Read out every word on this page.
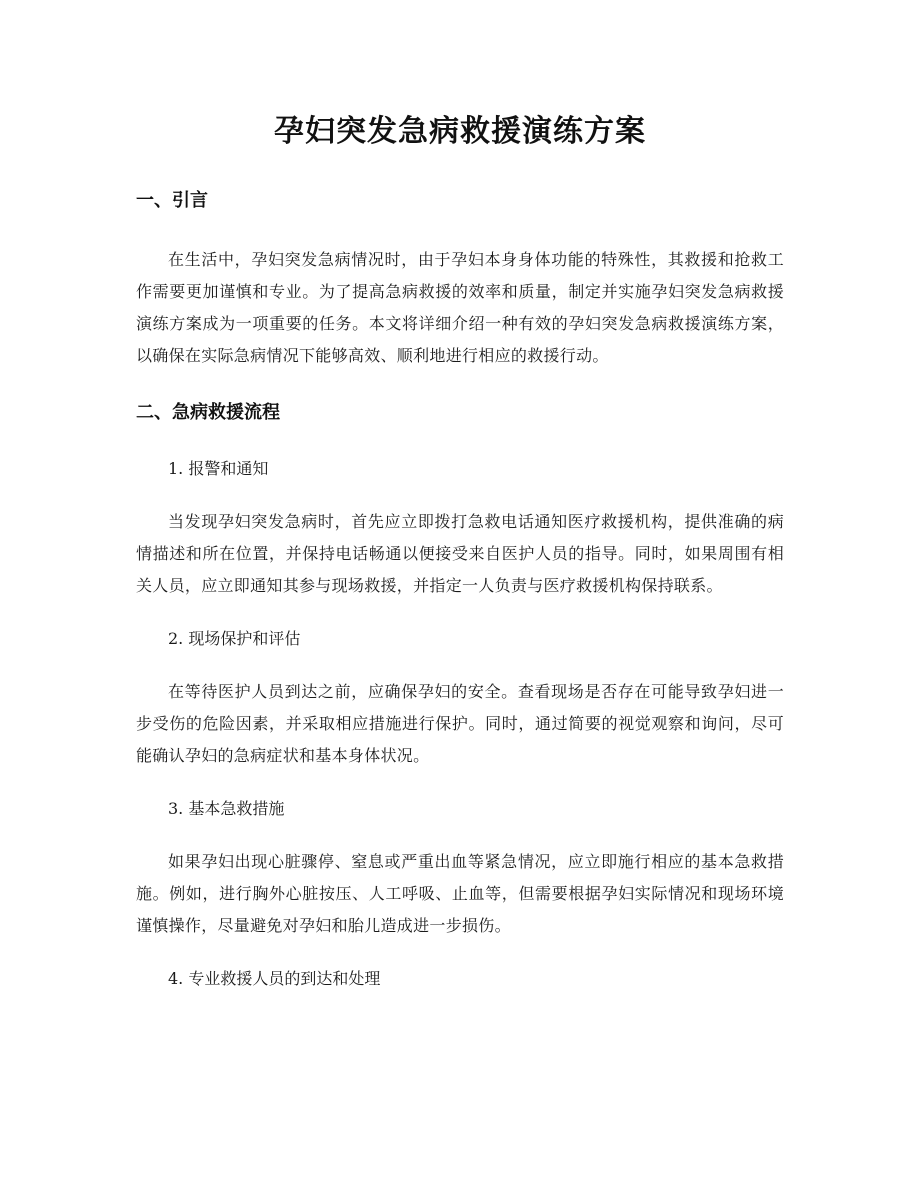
孕妇突发急病救援演练方案
一、引言

在生活中，孕妇突发急病情况时，由于孕妇本身身体功能的特殊性，其救援和抢救工作需要更加谨慎和专业。为了提高急病救援的效率和质量，制定并实施孕妇突发急病救援演练方案成为一项重要的任务。本文将详细介绍一种有效的孕妇突发急病救援演练方案，以确保在实际急病情况下能够高效、顺利地进行相应的救援行动。

二、急病救援流程
1. 报警和通知

当发现孕妇突发急病时，首先应立即拨打急救电话通知医疗救援机构，提供准确的病情描述和所在位置，并保持电话畅通以便接受来自医护人员的指导。同时，如果周围有相关人员，应立即通知其参与现场救援，并指定一人负责与医疗救援机构保持联系。

2. 现场保护和评估

在等待医护人员到达之前，应确保孕妇的安全。查看现场是否存在可能导致孕妇进一步受伤的危险因素，并采取相应措施进行保护。同时，通过简要的视觉观察和询问，尽可能确认孕妇的急病症状和基本身体状况。

3. 基本急救措施

如果孕妇出现心脏骤停、窒息或严重出血等紧急情况，应立即施行相应的基本急救措施。例如，进行胸外心脏按压、人工呼吸、止血等，但需要根据孕妇实际情况和现场环境谨慎操作，尽量避免对孕妇和胎儿造成进一步损伤。

4. 专业救援人员的到达和处理
